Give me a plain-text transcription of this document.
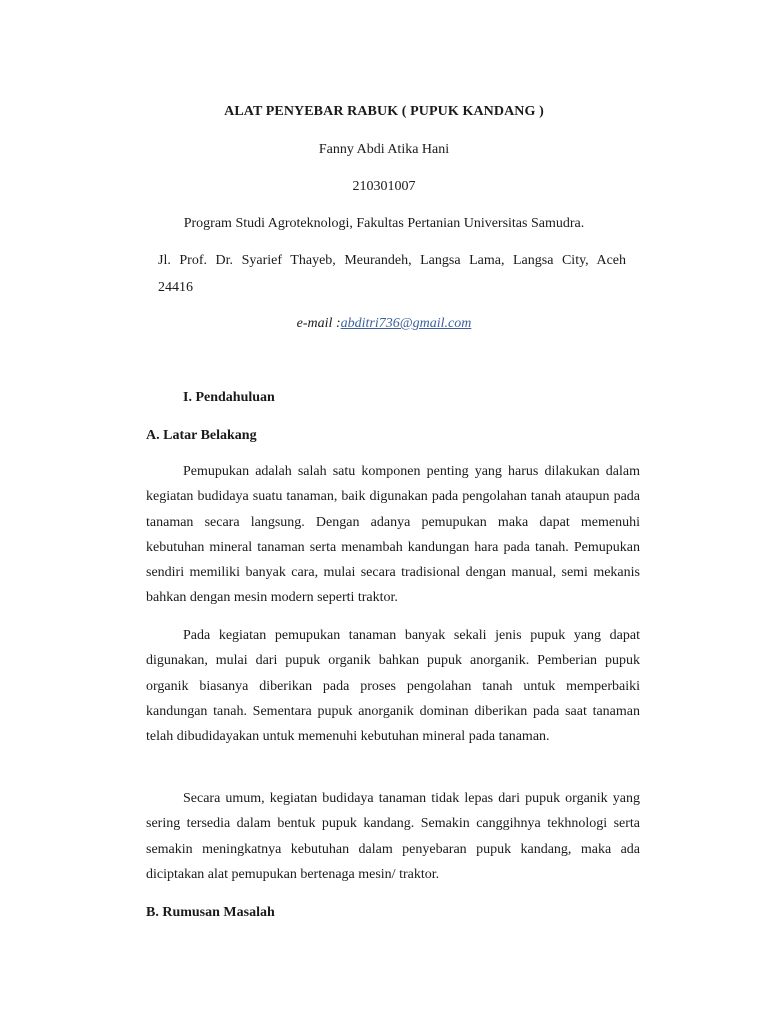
ALAT PENYEBAR RABUK ( PUPUK KANDANG )
Fanny Abdi Atika Hani
210301007
Program Studi Agroteknologi, Fakultas Pertanian Universitas Samudra.
Jl. Prof. Dr. Syarief Thayeb, Meurandeh, Langsa Lama, Langsa City, Aceh
24416
e-mail :abditri736@gmail.com
I. Pendahuluan
A. Latar Belakang

Pemupukan adalah salah satu komponen penting yang harus dilakukan dalam kegiatan budidaya suatu tanaman, baik digunakan pada pengolahan tanah ataupun pada tanaman secara langsung. Dengan adanya pemupukan maka dapat memenuhi kebutuhan mineral tanaman serta menambah kandungan hara pada tanah. Pemupukan sendiri memiliki banyak cara, mulai secara tradisional dengan manual, semi mekanis bahkan dengan mesin modern seperti traktor.

Pada kegiatan pemupukan tanaman banyak sekali jenis pupuk yang dapat digunakan, mulai dari pupuk organik bahkan pupuk anorganik. Pemberian pupuk organik biasanya diberikan pada proses pengolahan tanah untuk memperbaiki kandungan tanah. Sementara pupuk anorganik dominan diberikan pada saat tanaman telah dibudidayakan untuk memenuhi kebutuhan mineral pada tanaman.

Secara umum, kegiatan budidaya tanaman tidak lepas dari pupuk organik yang sering tersedia dalam bentuk pupuk kandang. Semakin canggihnya tekhnologi serta semakin meningkatnya kebutuhan dalam penyebaran pupuk kandang, maka ada diciptakan alat pemupukan bertenaga mesin/ traktor.

B. Rumusan Masalah
